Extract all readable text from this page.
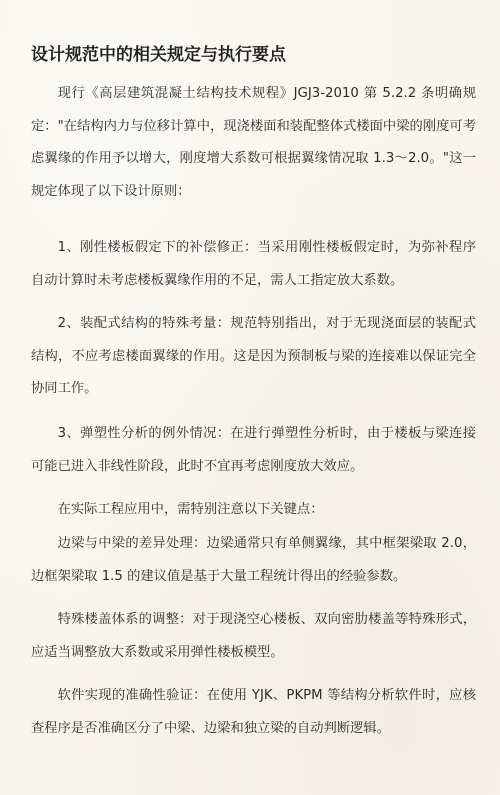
设计规范中的相关规定与执行要点

现行《高层建筑混凝土结构技术规程》JGJ3-2010 第 5.2.2 条明确规定："在结构内力与位移计算中，现浇楼面和装配整体式楼面中梁的刚度可考虑翼缘的作用予以增大，刚度增大系数可根据翼缘情况取 1.3～2.0。"这一规定体现了以下设计原则：

1、刚性楼板假定下的补偿修正：当采用刚性楼板假定时，为弥补程序自动计算时未考虑楼板翼缘作用的不足，需人工指定放大系数。

2、装配式结构的特殊考量：规范特别指出，对于无现浇面层的装配式结构，不应考虑楼面翼缘的作用。这是因为预制板与梁的连接难以保证完全协同工作。

3、弹塑性分析的例外情况：在进行弹塑性分析时，由于楼板与梁连接可能已进入非线性阶段，此时不宜再考虑刚度放大效应。

在实际工程应用中，需特别注意以下关键点：

边梁与中梁的差异处理：边梁通常只有单侧翼缘，其中框架梁取 2.0，边框架梁取 1.5 的建议值是基于大量工程统计得出的经验参数。

特殊楼盖体系的调整：对于现浇空心楼板、双向密肋楼盖等特殊形式，应适当调整放大系数或采用弹性楼板模型。

软件实现的准确性验证：在使用 YJK、PKPM 等结构分析软件时，应核查程序是否准确区分了中梁、边梁和独立梁的自动判断逻辑。
